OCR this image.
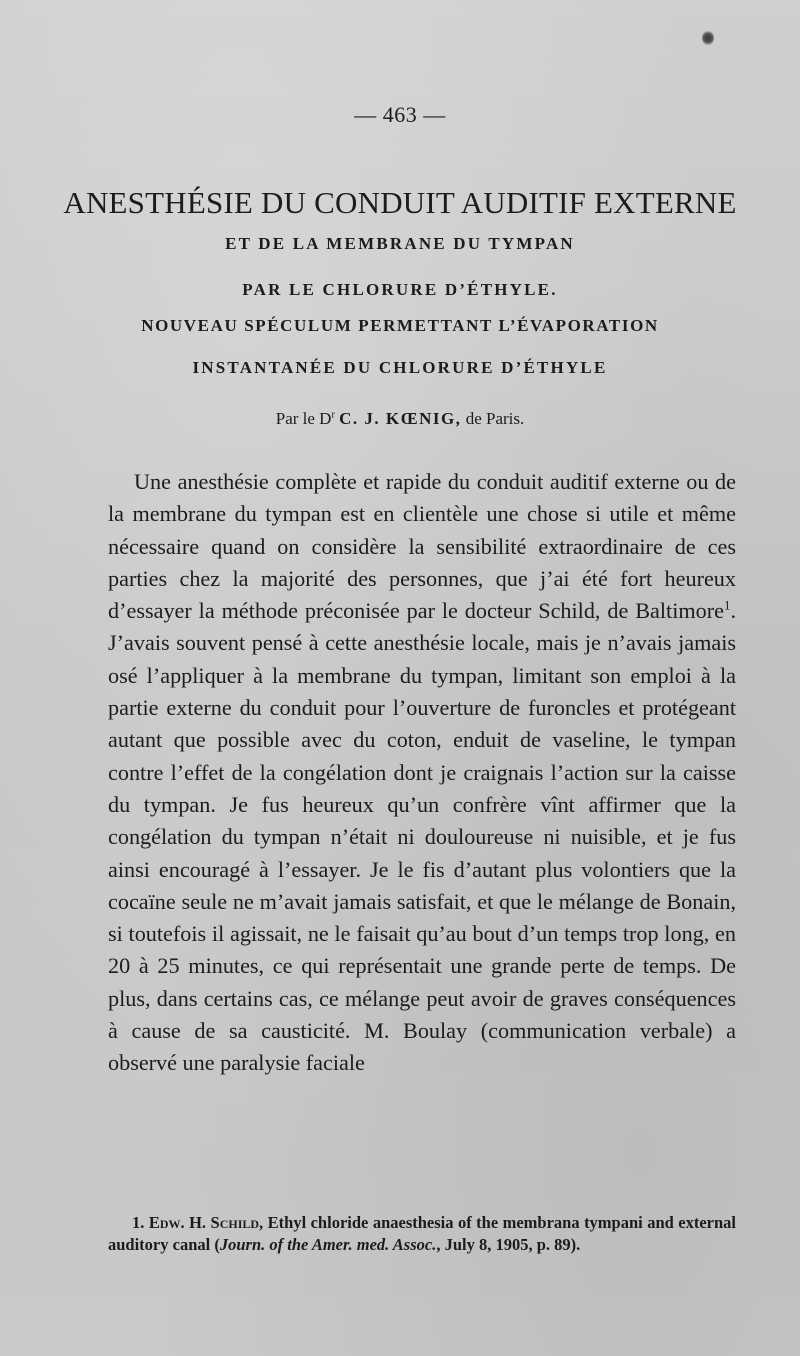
— 463 —
ANESTHÉSIE DU CONDUIT AUDITIF EXTERNE
ET DE LA MEMBRANE DU TYMPAN
PAR LE CHLORURE D’ÉTHYLE.
NOUVEAU SPÉCULUM PERMETTANT L’ÉVAPORATION
INSTANTANÉE DU CHLORURE D’ÉTHYLE
Par le $D^r$ C. J. KŒNIG, de Paris.
Une anesthésie complète et rapide du conduit auditif externe ou de la membrane du tympan est en clientèle une chose si utile et même nécessaire quand on considère la sensibilité extraordinaire de ces parties chez la majorité des personnes, que j’ai été fort heureux d’essayer la méthode préconisée par le docteur Schild, de Baltimore$^1$. J’avais souvent pensé à cette anesthésie locale, mais je n’avais jamais osé l’appliquer à la membrane du tympan, limitant son emploi à la partie externe du conduit pour l’ouverture de furoncles et protégeant autant que possible avec du coton, enduit de vaseline, le tympan contre l’effet de la congélation dont je craignais l’action sur la caisse du tympan. Je fus heureux qu’un confrère vînt affirmer que la congélation du tympan n’était ni douloureuse ni nuisible, et je fus ainsi encouragé à l’essayer. Je le fis d’autant plus volontiers que la cocaïne seule ne m’avait jamais satisfait, et que le mélange de Bonain, si toutefois il agissait, ne le faisait qu’au bout d’un temps trop long, en 20 à 25 minutes, ce qui représentait une grande perte de temps. De plus, dans certains cas, ce mélange peut avoir de graves conséquences à cause de sa causticité. M. Boulay (communication verbale) a observé une paralysie faciale
1. Edw. H. Schild, Ethyl chloride anaesthesia of the membrana tympani and external auditory canal (Journ. of the Amer. med. Assoc., July 8, 1905, p. 89).
